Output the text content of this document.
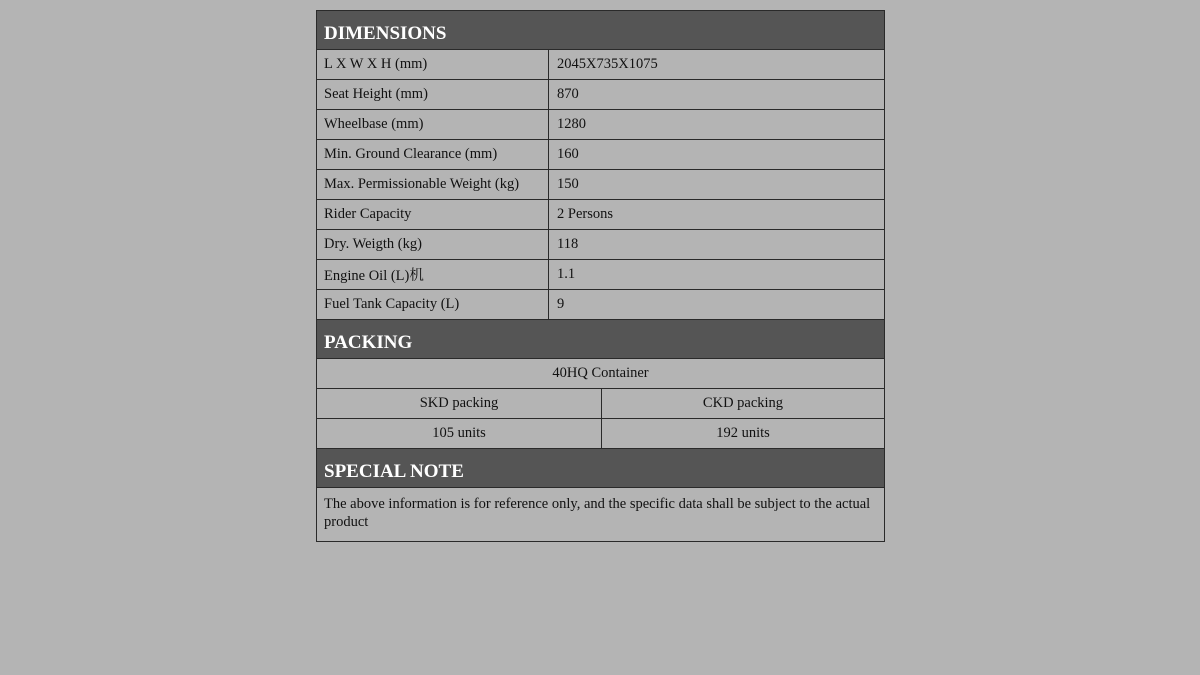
DIMENSIONS	
L X W X H (mm)	2045X735X1075
Seat Height (mm)	870
Wheelbase (mm)	1280
Min. Ground Clearance (mm)	160
Max. Permissionable Weight (kg)	150
Rider Capacity	2 Persons
Dry. Weigth (kg)	118
Engine Oil (L)机	1.1
Fuel Tank Capacity (L)	9
PACKING	
40HQ Container	
SKD packing	CKD packing
105 units	192 units
SPECIAL NOTE
The above information is for reference only, and the specific data shall be subject to the actual product
